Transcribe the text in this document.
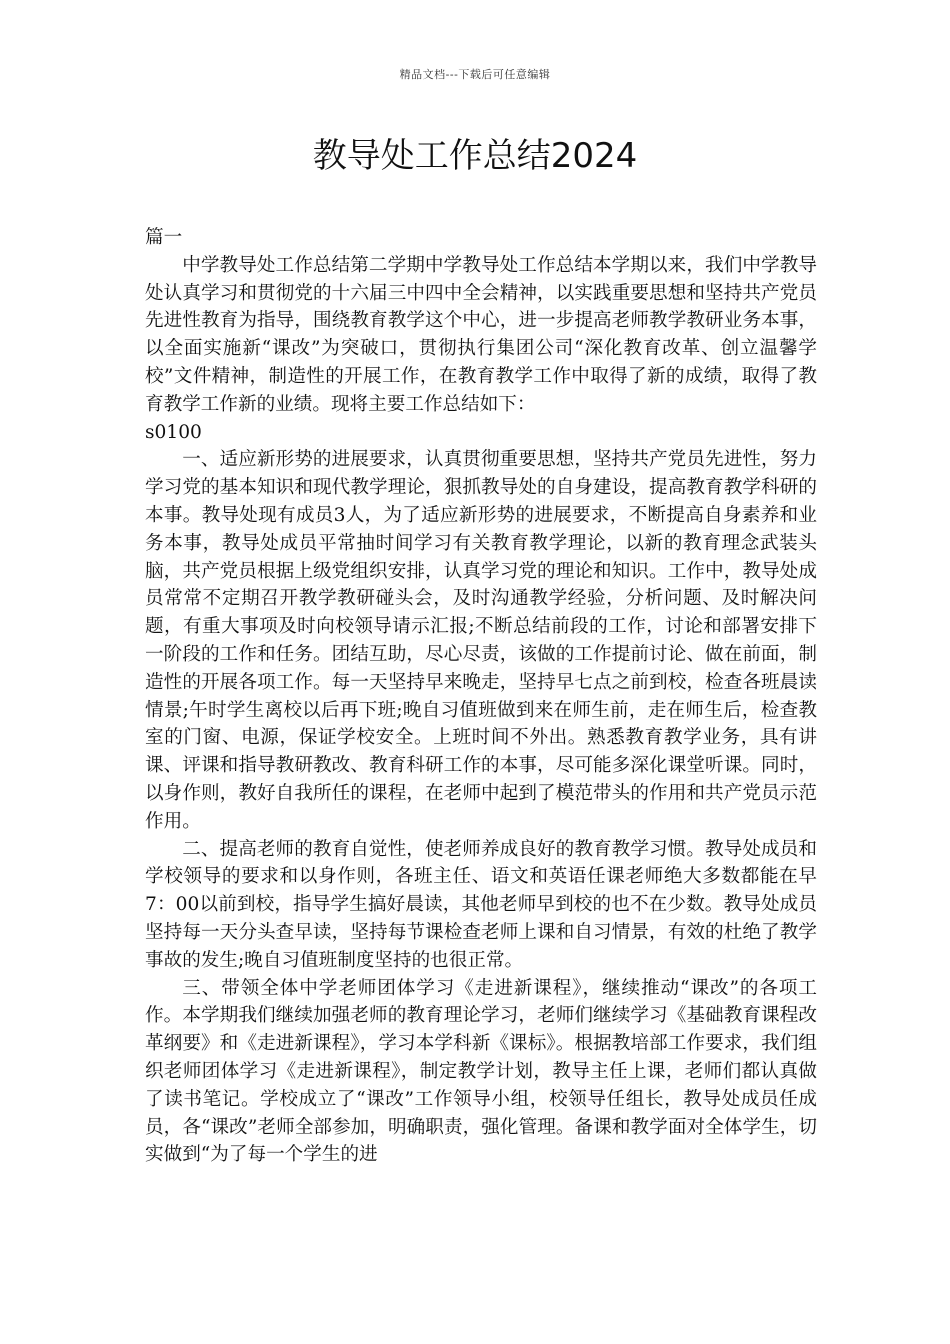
精品文档---下载后可任意编辑
教导处工作总结2024

篇一

中学教导处工作总结第二学期中学教导处工作总结本学期以来，我们中学教导处认真学习和贯彻党的十六届三中四中全会精神，以实践重要思想和坚持共产党员先进性教育为指导，围绕教育教学这个中心，进一步提高老师教学教研业务本事，以全面实施新“课改”为突破口，贯彻执行集团公司“深化教育改革、创立温馨学校”文件精神，制造性的开展工作，在教育教学工作中取得了新的成绩，取得了教育教学工作新的业绩。现将主要工作总结如下：

s0100

一、适应新形势的进展要求，认真贯彻重要思想，坚持共产党员先进性，努力学习党的基本知识和现代教学理论，狠抓教导处的自身建设，提高教育教学科研的本事。教导处现有成员3人，为了适应新形势的进展要求，不断提高自身素养和业务本事，教导处成员平常抽时间学习有关教育教学理论，以新的教育理念武装头脑，共产党员根据上级党组织安排，认真学习党的理论和知识。工作中，教导处成员常常不定期召开教学教研碰头会，及时沟通教学经验，分析问题、及时解决问题，有重大事项及时向校领导请示汇报;不断总结前段的工作，讨论和部署安排下一阶段的工作和任务。团结互助，尽心尽责，该做的工作提前讨论、做在前面，制造性的开展各项工作。每一天坚持早来晚走，坚持早七点之前到校，检查各班晨读情景;午时学生离校以后再下班;晚自习值班做到来在师生前，走在师生后，检查教室的门窗、电源，保证学校安全。上班时间不外出。熟悉教育教学业务，具有讲课、评课和指导教研教改、教育科研工作的本事，尽可能多深化课堂听课。同时，以身作则，教好自我所任的课程，在老师中起到了模范带头的作用和共产党员示范作用。

二、提高老师的教育自觉性，使老师养成良好的教育教学习惯。教导处成员和学校领导的要求和以身作则，各班主任、语文和英语任课老师绝大多数都能在早7：00以前到校，指导学生搞好晨读，其他老师早到校的也不在少数。教导处成员坚持每一天分头查早读，坚持每节课检查老师上课和自习情景，有效的杜绝了教学事故的发生;晚自习值班制度坚持的也很正常。

三、带领全体中学老师团体学习《走进新课程》，继续推动“课改”的各项工作。本学期我们继续加强老师的教育理论学习，老师们继续学习《基础教育课程改革纲要》和《走进新课程》，学习本学科新《课标》。根据教培部工作要求，我们组织老师团体学习《走进新课程》，制定教学计划，教导主任上课，老师们都认真做了读书笔记。学校成立了“课改”工作领导小组，校领导任组长，教导处成员任成员，各“课改”老师全部参加，明确职责，强化管理。备课和教学面对全体学生，切实做到“为了每一个学生的进
